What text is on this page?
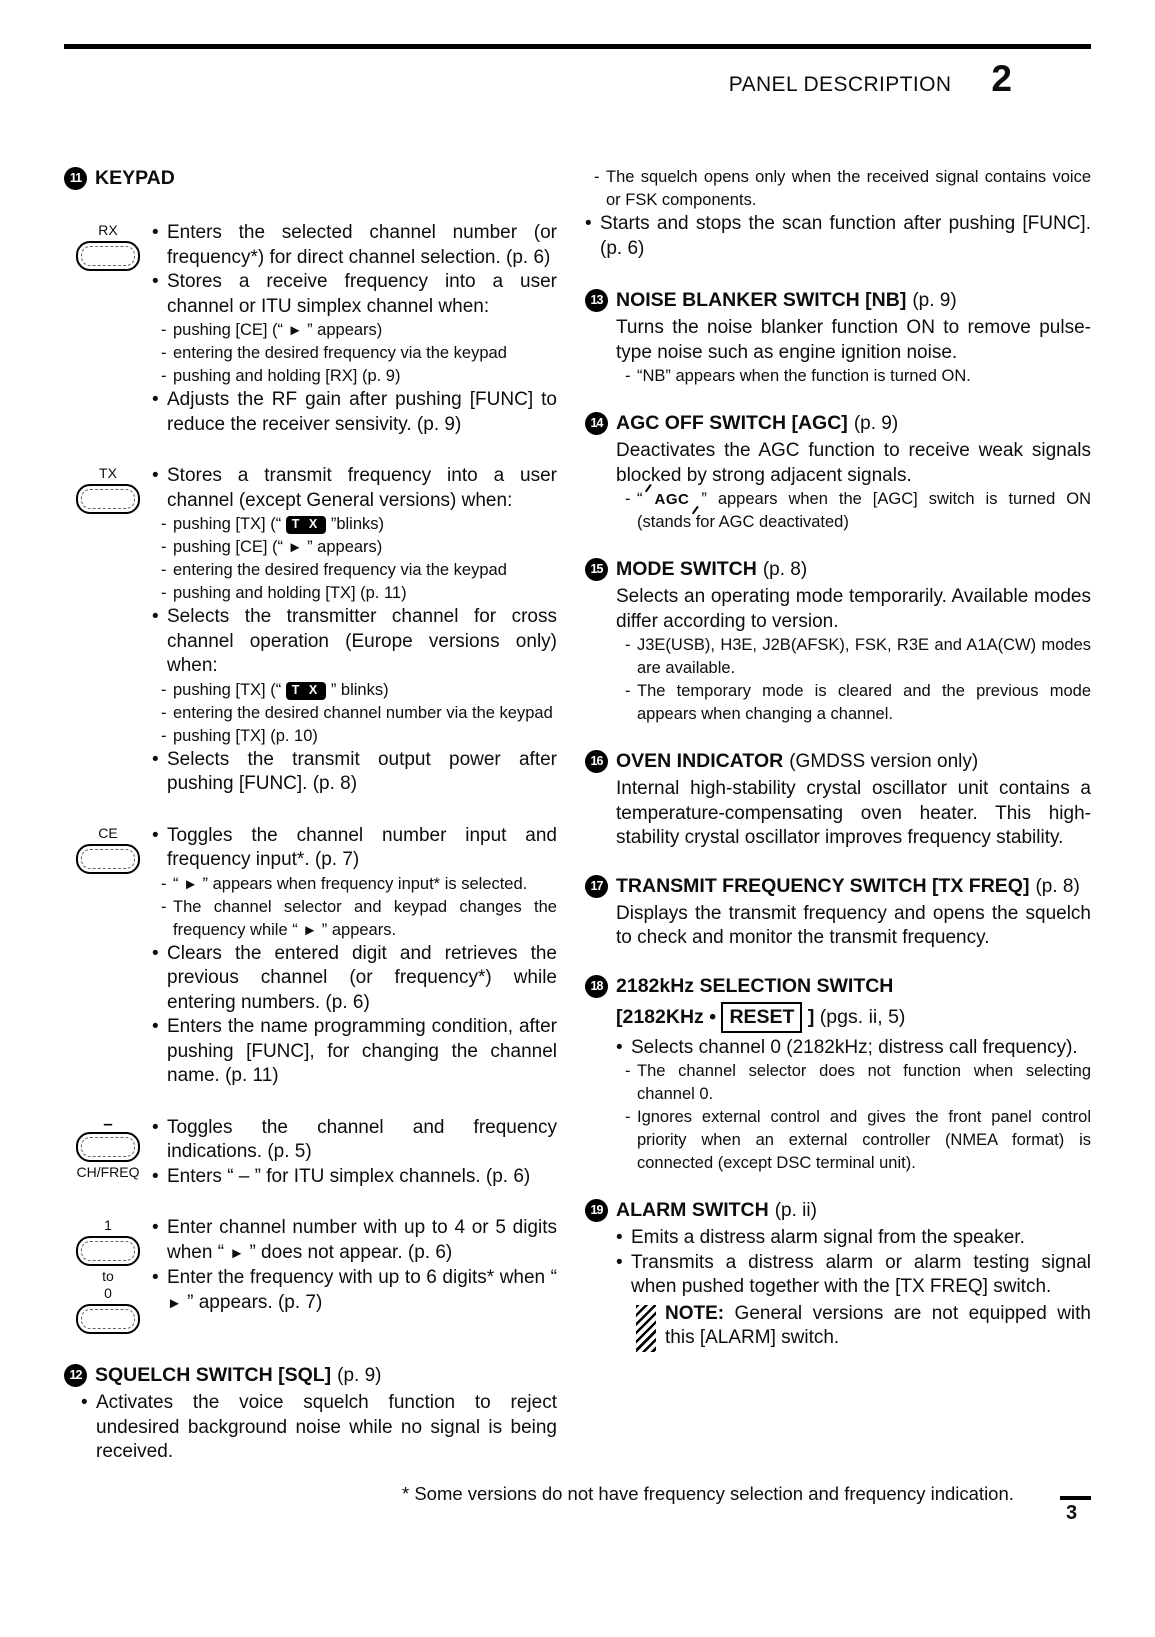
PANEL DESCRIPTION 2
11 KEYPAD
RX	• Enters the selected channel number (or frequency*) for direct channel selection. (p. 6)
• Stores a receive frequency into a user channel or ITU simplex channel when:
- pushing [CE] (“ ► ” appears)
- entering the desired frequency via the keypad
- pushing and holding [RX] (p. 9)
• Adjusts the RF gain after pushing [FUNC] to reduce the receiver sensivity. (p. 9)
TX	• Stores a transmit frequency into a user channel (except General versions) when:
- pushing [TX] (“ T X ”blinks)
- pushing [CE] (“ ► ” appears)
- entering the desired frequency via the keypad
- pushing and holding [TX] (p. 11)
• Selects the transmitter channel for cross channel operation (Europe versions only) when:
- pushing [TX] (“ T X ” blinks)
- entering the desired channel number via the keypad
- pushing [TX] (p. 10)
• Selects the transmit output power after pushing [FUNC]. (p. 8)
CE	• Toggles the channel number input and frequency input*. (p. 7)
- “ ► ” appears when frequency input* is selected.
- The channel selector and keypad changes the frequency while “ ► ” appears.
• Clears the entered digit and retrieves the previous channel (or frequency*) while entering numbers. (p. 6)
• Enters the name programming condition, after pushing [FUNC], for changing the channel name. (p. 11)
–
CH/FREQ
• Toggles the channel and frequency indications. (p. 5)
• Enters “ – ” for ITU simplex channels. (p. 6)
1
to
0
• Enter channel number with up to 4 or 5 digits when “ ► ” does not appear. (p. 6)
• Enter the frequency with up to 6 digits* when “ ► ” appears. (p. 7)
12 SQUELCH SWITCH [SQL] (p. 9)
• Activates the voice squelch function to reject undesired background noise while no signal is being received.
- The squelch opens only when the received signal contains voice or FSK components.
• Starts and stops the scan function after pushing [FUNC]. (p. 6)
13 NOISE BLANKER SWITCH [NB] (p. 9)
Turns the noise blanker function ON to remove pulse-type noise such as engine ignition noise.
- “NB” appears when the function is turned ON.
14 AGC OFF SWITCH [AGC] (p. 9)
Deactivates the AGC function to receive weak signals blocked by strong adjacent signals.
- “ AGC ” appears when the [AGC] switch is turned ON (stands for AGC deactivated)
15 MODE SWITCH (p. 8)
Selects an operating mode temporarily. Available modes differ according to version.
- J3E(USB), H3E, J2B(AFSK), FSK, R3E and A1A(CW) modes are available.
- The temporary mode is cleared and the previous mode appears when changing a channel.
16 OVEN INDICATOR (GMDSS version only)
Internal high-stability crystal oscillator unit contains a temperature-compensating oven heater. This high-stability crystal oscillator improves frequency stability.
17 TRANSMIT FREQUENCY SWITCH [TX FREQ] (p. 8)
Displays the transmit frequency and opens the squelch to check and monitor the transmit frequency.
18 2182kHz SELECTION SWITCH
[2182KHz • RESET ] (pgs. ii, 5)
• Selects channel 0 (2182kHz; distress call frequency).
- The channel selector does not function when selecting channel 0.
- Ignores external control and gives the front panel control priority when an external controller (NMEA format) is connected (except DSC terminal unit).
19 ALARM SWITCH (p. ii)
• Emits a distress alarm signal from the speaker.
• Transmits a distress alarm or alarm testing signal when pushed together with the [TX FREQ] switch.
NOTE: General versions are not equipped with this [ALARM] switch.
* Some versions do not have frequency selection and frequency indication.
3
